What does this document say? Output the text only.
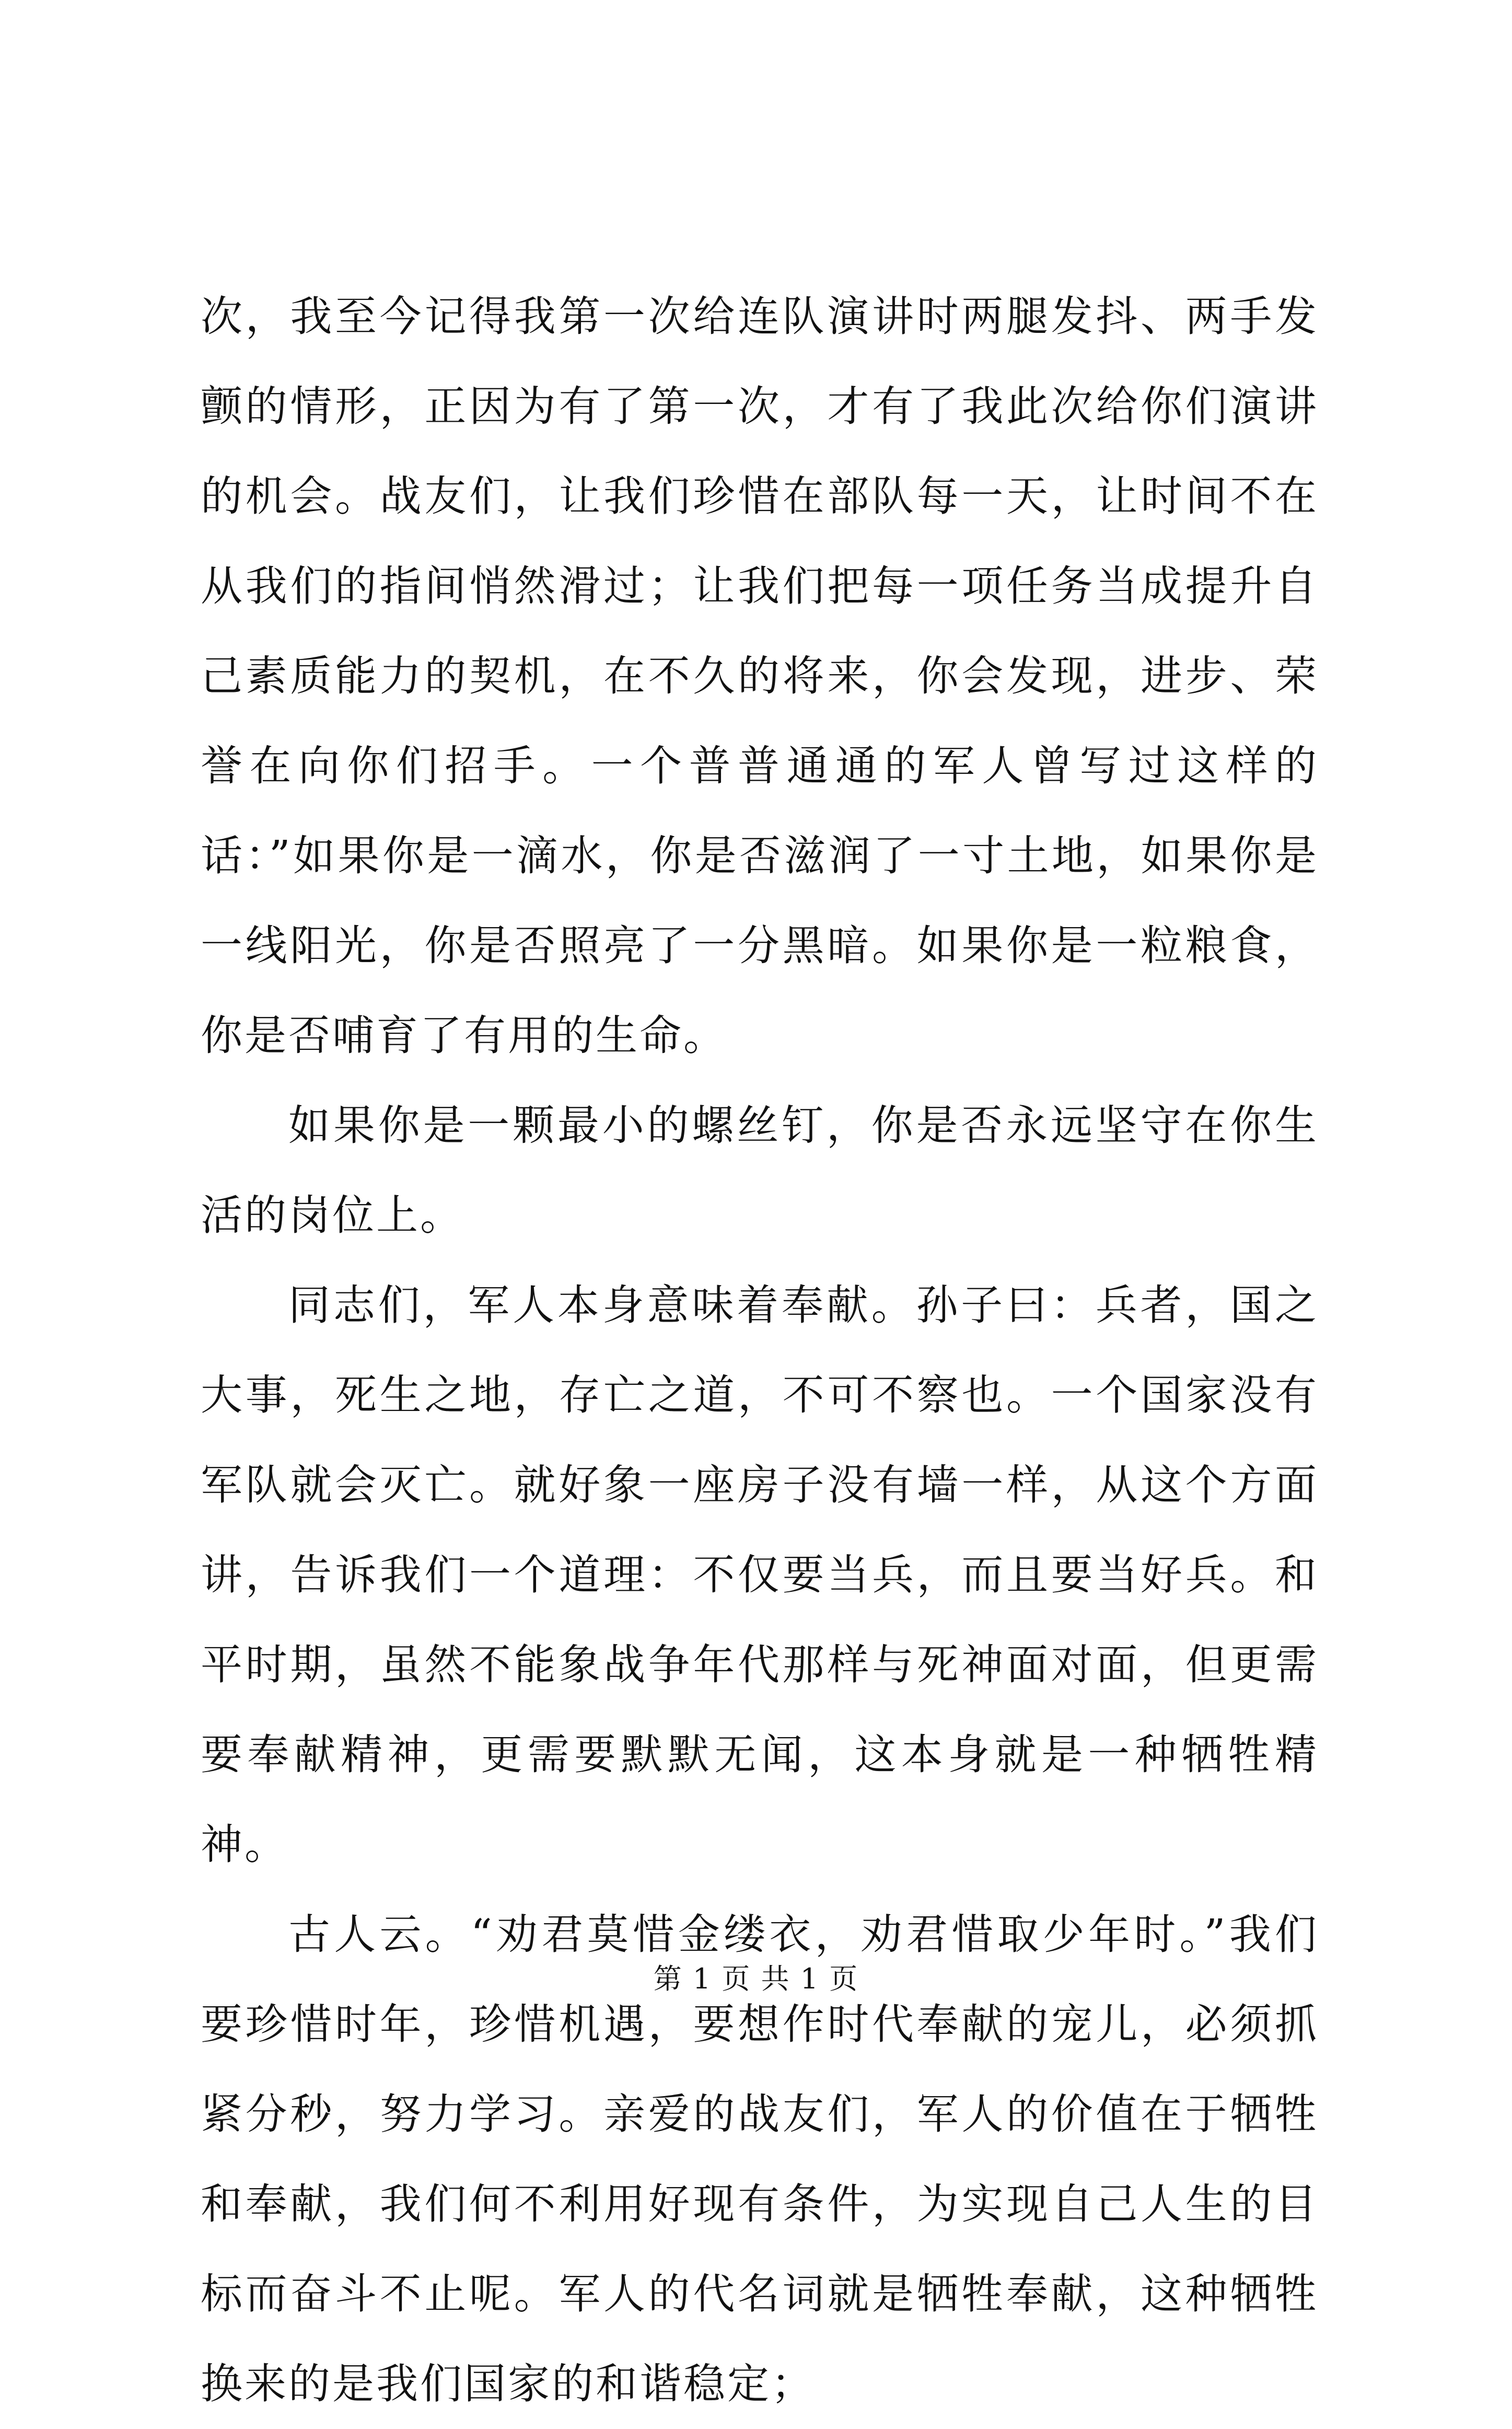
次，我至今记得我第一次给连队演讲时两腿发抖、两手发颤的情形，正因为有了第一次，才有了我此次给你们演讲的机会。战友们，让我们珍惜在部队每一天，让时间不在从我们的指间悄然滑过；让我们把每一项任务当成提升自己素质能力的契机，在不久的将来，你会发现，进步、荣誉在向你们招手。一个普普通通的军人曾写过这样的话：”如果你是一滴水，你是否滋润了一寸土地，如果你是一线阳光，你是否照亮了一分黑暗。如果你是一粒粮食，你是否哺育了有用的生命。

如果你是一颗最小的螺丝钉，你是否永远坚守在你生活的岗位上。

同志们，军人本身意味着奉献。孙子曰：兵者，国之大事，死生之地，存亡之道，不可不察也。一个国家没有军队就会灭亡。就好象一座房子没有墙一样，从这个方面讲，告诉我们一个道理：不仅要当兵，而且要当好兵。和平时期，虽然不能象战争年代那样与死神面对面，但更需要奉献精神，更需要默默无闻，这本身就是一种牺牲精神。

古人云。“劝君莫惜金缕衣，劝君惜取少年时。”我们要珍惜时年，珍惜机遇，要想作时代奉献的宠儿，必须抓紧分秒，努力学习。亲爱的战友们，军人的价值在于牺牲和奉献，我们何不利用好现有条件，为实现自己人生的目标而奋斗不止呢。军人的代名词就是牺牲奉献，这种牺牲换来的是我们国家的和谐稳定；

第 1 页 共 1 页
